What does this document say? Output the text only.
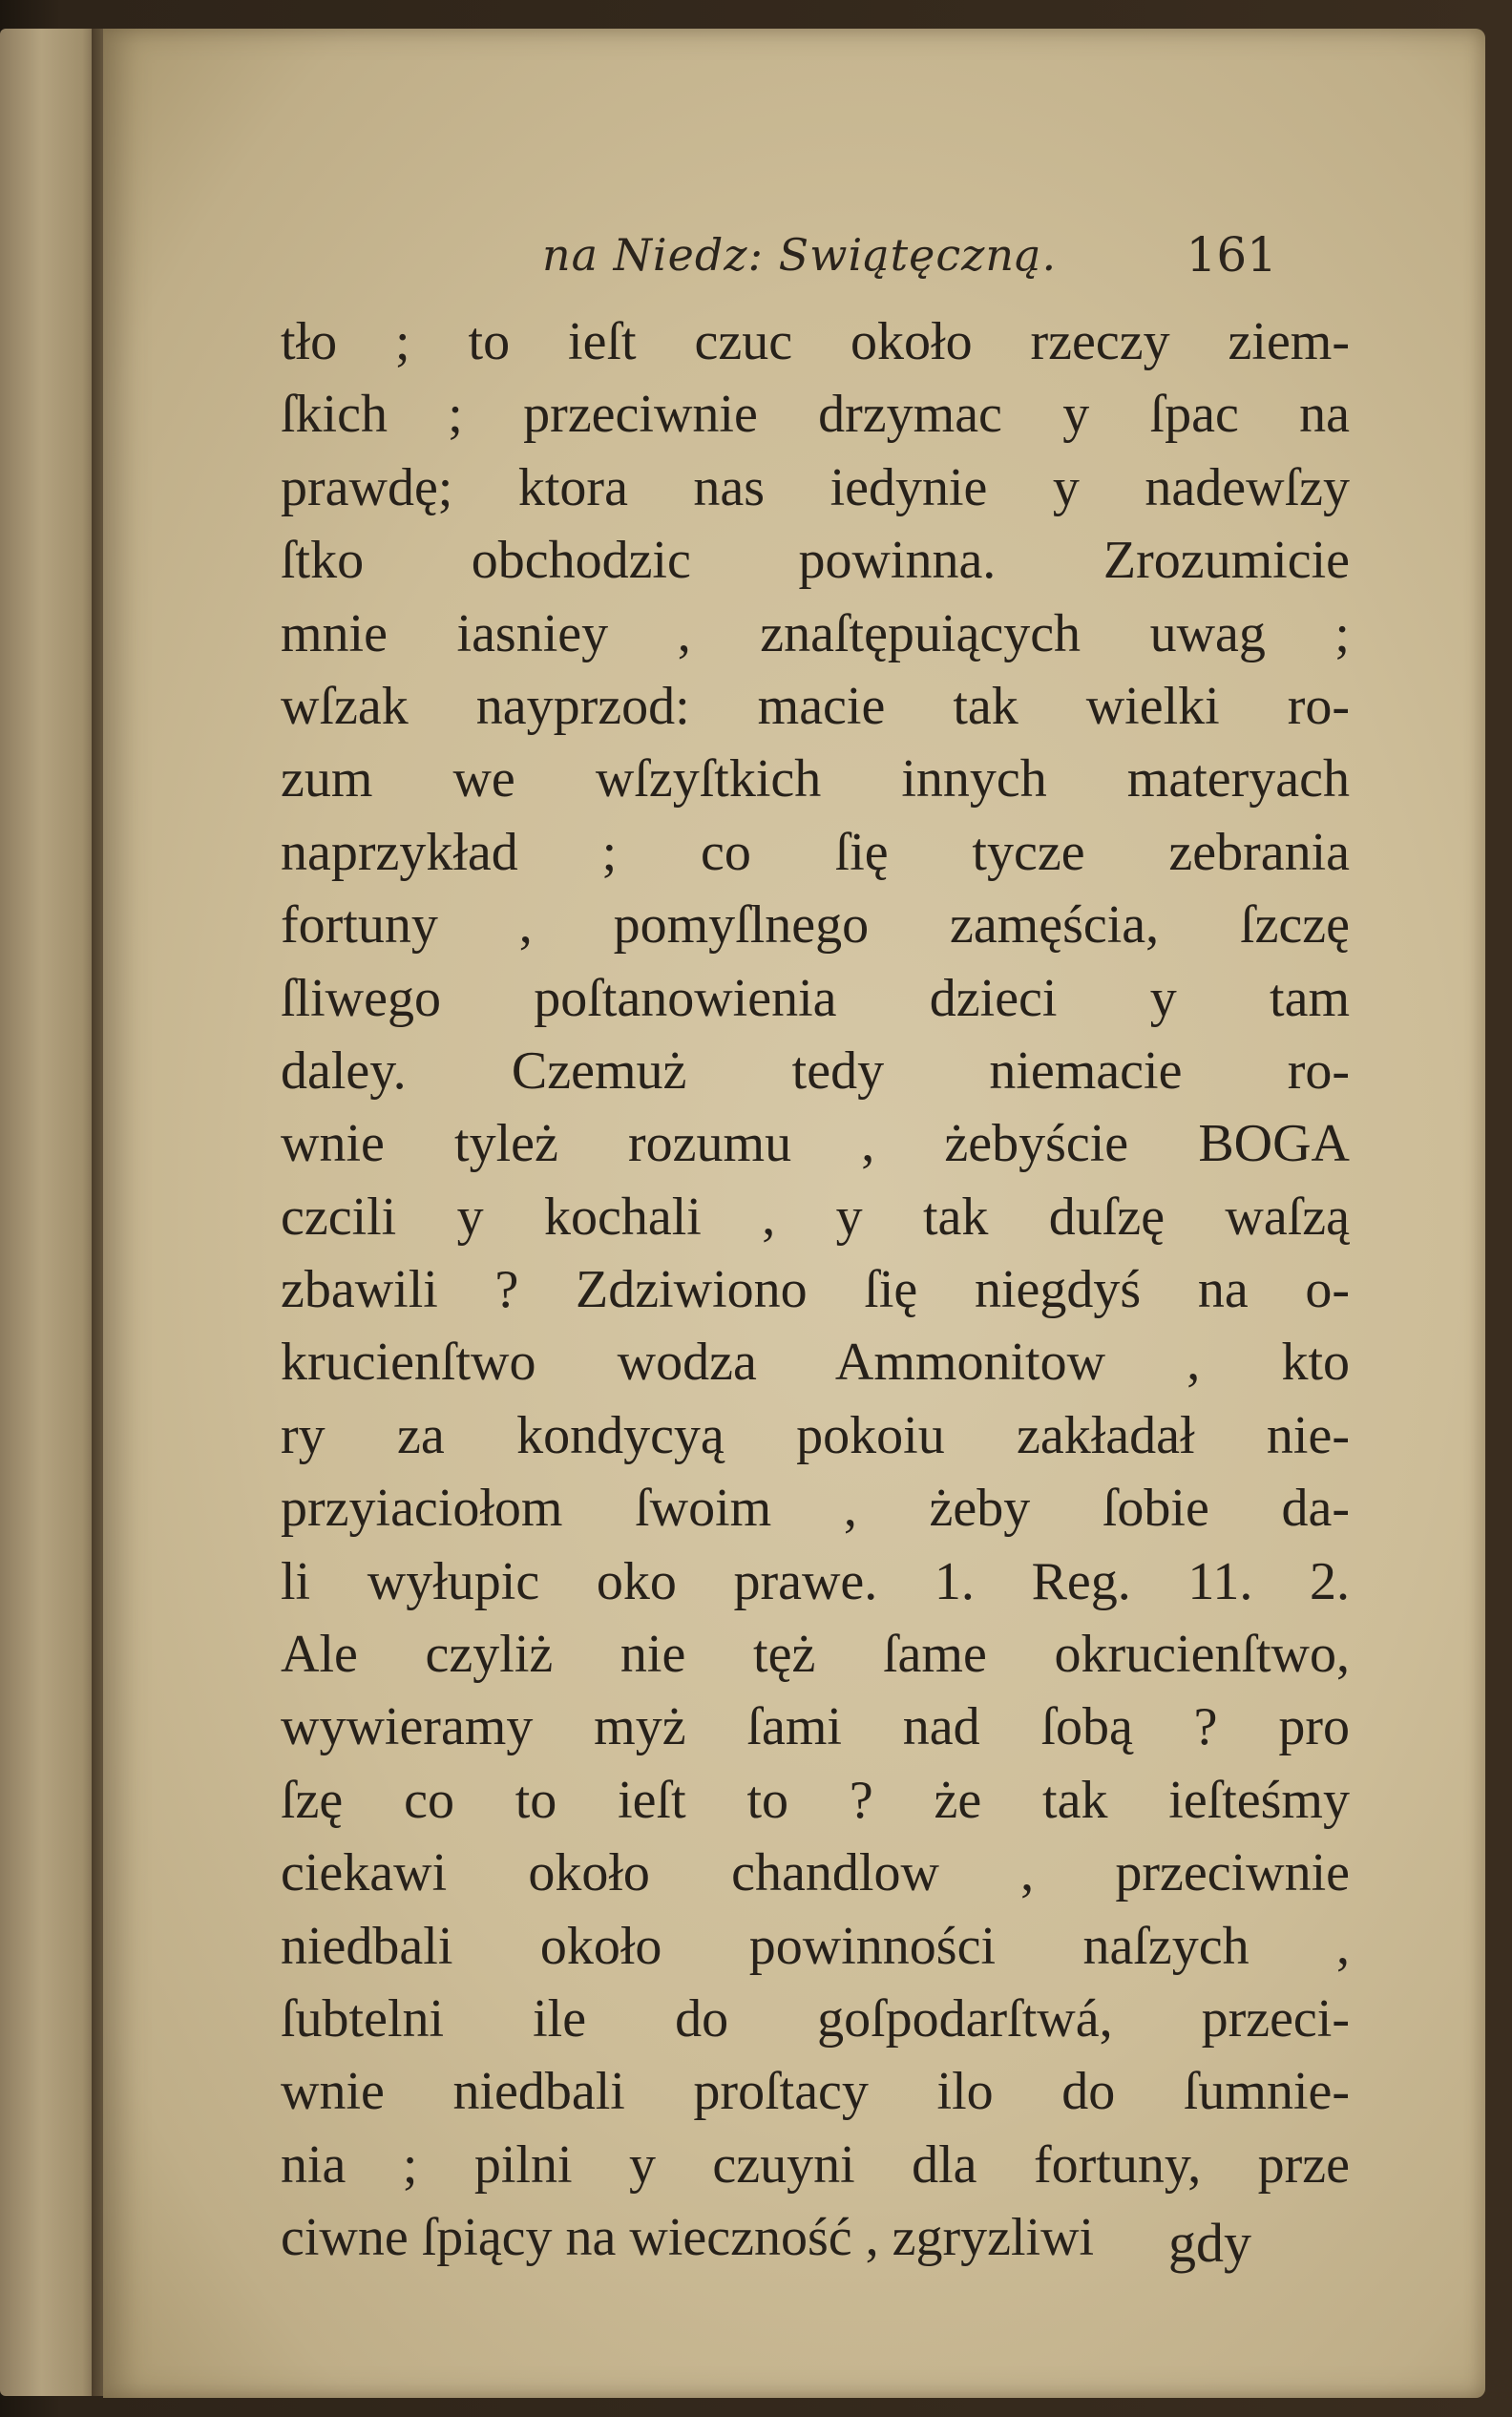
na Niedz: Swiątęczną.	161
tło ; to ieſt czuc około rzeczy ziem-
ſkich ; przeciwnie drzymac y ſpac na
prawdę; ktora nas iedynie y nadewſzy
ſtko obchodzic powinna. Zrozumicie
mnie iasniey , znaſtępuiących uwag ;
wſzak nayprzod: macie tak wielki ro-
zum we wſzyſtkich innych materyach
naprzykład ; co ſię tycze zebrania
fortuny , pomyſlnego zamęścia, ſzczę
ſliwego poſtanowienia dzieci y tam
daley. Czemuż tedy niemacie ro-
wnie tyleż rozumu , żebyście BOGA
czcili y kochali , y tak duſzę waſzą
zbawili ? Zdziwiono ſię niegdyś na o-
krucienſtwo wodza Ammonitow , kto
ry za kondycyą pokoiu zakładał nie-
przyiaciołom ſwoim , żeby ſobie da-
li wyłupic oko prawe. 1. Reg. 11. 2.
Ale czyliż nie tęż ſame okrucienſtwo,
wywieramy myż ſami nad ſobą ? pro
ſzę co to ieſt to ? że tak ieſteśmy
ciekawi około chandlow , przeciwnie
niedbali około powinności naſzych ,
ſubtelni ile do goſpodarſtwá, przeci-
wnie niedbali proſtacy ilo do ſumnie-
nia ; pilni y czuyni dla fortuny, prze
ciwne ſpiący na wieczność , zgryzliwi	gdy
